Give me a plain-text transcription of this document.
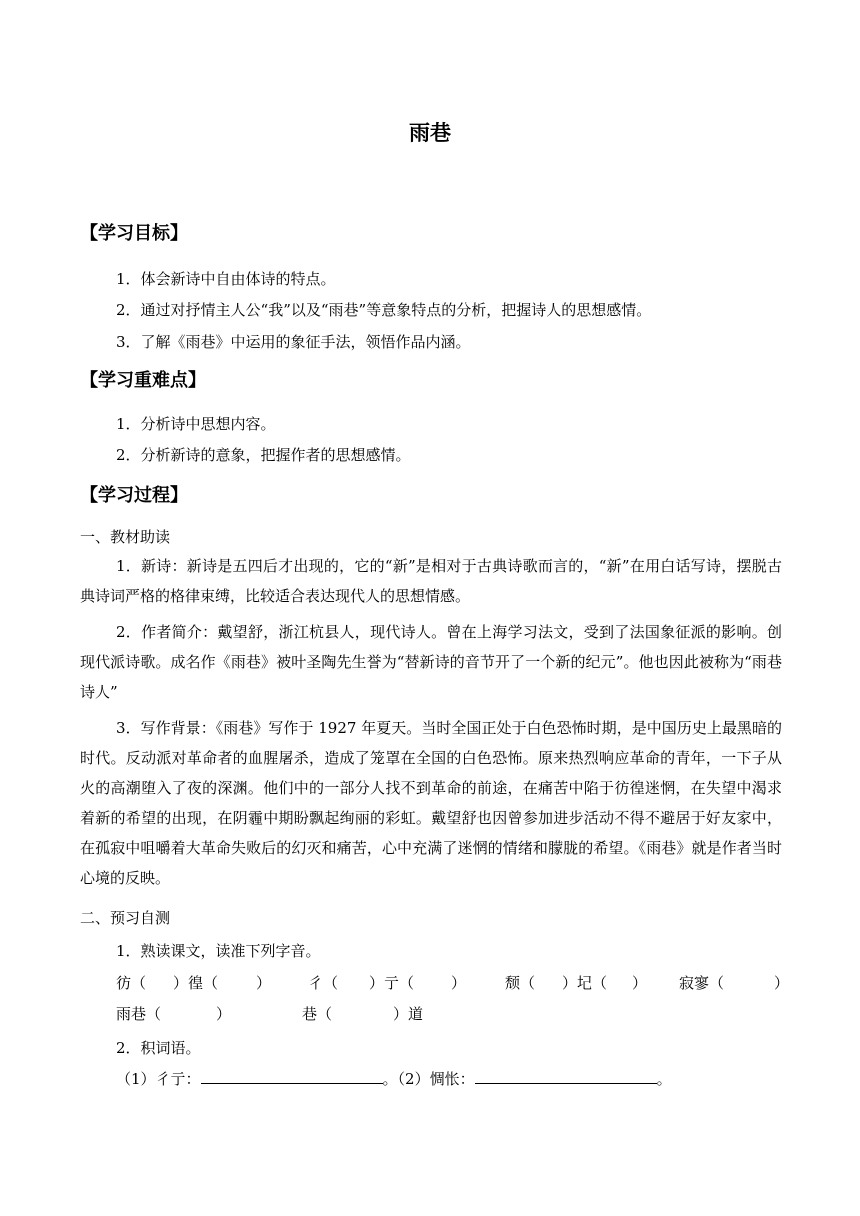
雨巷
【学习目标】
1．体会新诗中自由体诗的特点。
2．通过对抒情主人公“我”以及“雨巷”等意象特点的分析，把握诗人的思想感情。
3．了解《雨巷》中运用的象征手法，领悟作品内涵。
【学习重难点】
1．分析诗中思想内容。
2．分析新诗的意象，把握作者的思想感情。
【学习过程】
一、教材助读
1．新诗：新诗是五四后才出现的，它的“新”是相对于古典诗歌而言的，“新”在用白话写诗，摆脱古典诗词严格的格律束缚，比较适合表达现代人的思想情感。
2．作者简介：戴望舒，浙江杭县人，现代诗人。曾在上海学习法文，受到了法国象征派的影响。创现代派诗歌。成名作《雨巷》被叶圣陶先生誉为“替新诗的音节开了一个新的纪元”。他也因此被称为“雨巷诗人”
3．写作背景：《雨巷》写作于 1927 年夏天。当时全国正处于白色恐怖时期，是中国历史上最黑暗的时代。反动派对革命者的血腥屠杀，造成了笼罩在全国的白色恐怖。原来热烈响应革命的青年，一下子从火的高潮堕入了夜的深渊。他们中的一部分人找不到革命的前途，在痛苦中陷于彷徨迷惘，在失望中渴求着新的希望的出现，在阴霾中期盼飘起绚丽的彩虹。戴望舒也因曾参加进步活动不得不避居于好友家中，在孤寂中咀嚼着大革命失败后的幻灭和痛苦，心中充满了迷惘的情绪和朦胧的希望。《雨巷》就是作者当时心境的反映。
二、预习自测
1．熟读课文，读准下列字音。
彷（ ）徨（	） 彳（ ）亍（ ）	颓（ ）圮（ ） 寂寥（	）
雨巷（	）	巷（	）道
2．积词语。
（1）彳亍：	。（2）惆怅：	。
